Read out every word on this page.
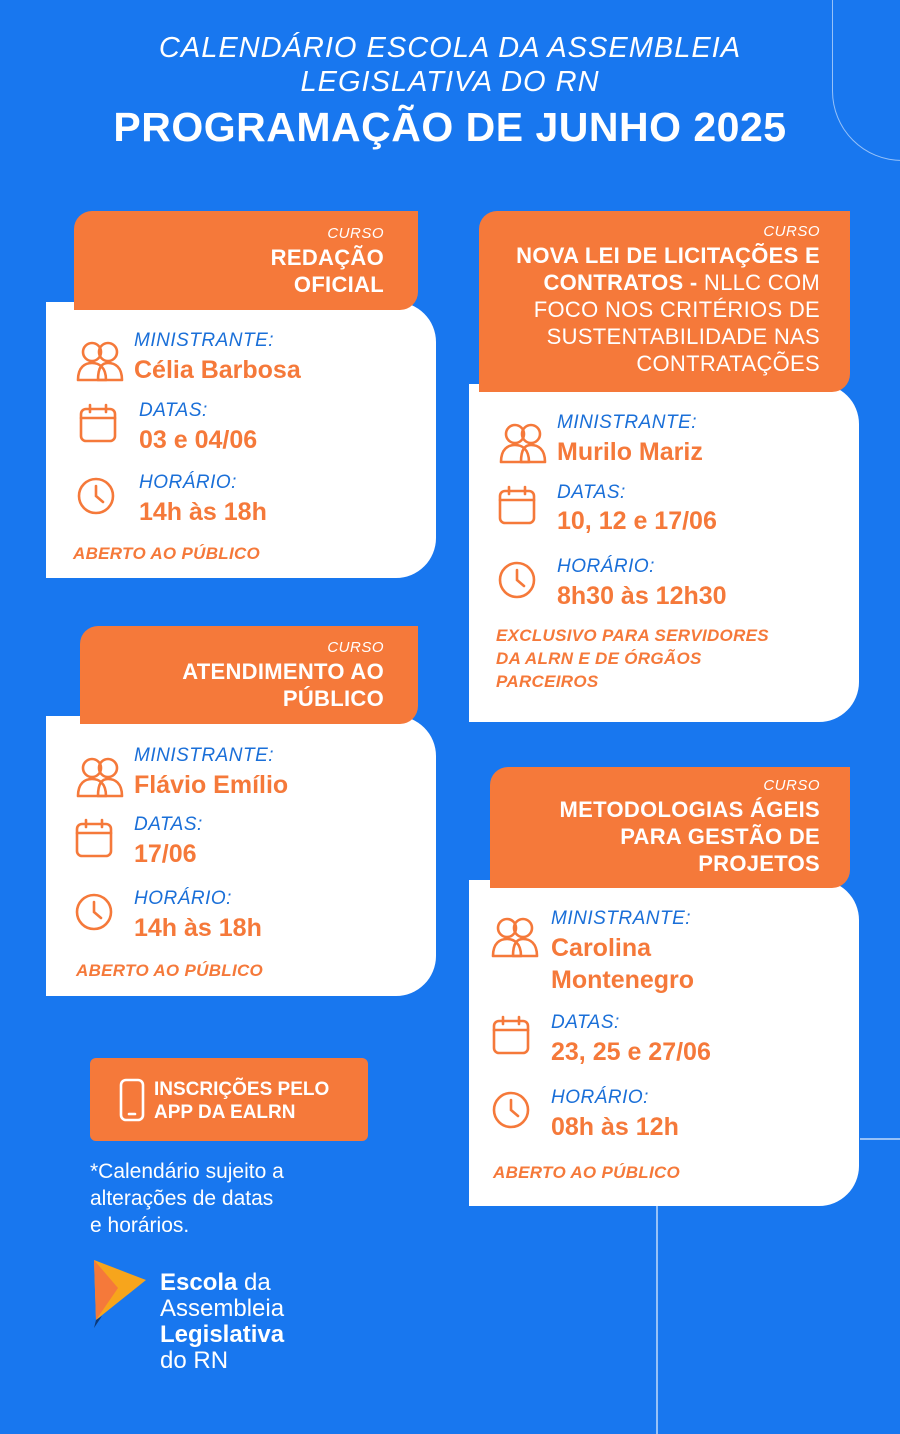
CALENDÁRIO ESCOLA DA ASSEMBLEIA
LEGISLATIVA DO RN
PROGRAMAÇÃO DE JUNHO 2025
MINISTRANTE:
Célia Barbosa
DATAS:
03 e 04/06
HORÁRIO:
14h às 18h
ABERTO AO PÚBLICO
CURSO
REDAÇÃO
OFICIAL
MINISTRANTE:
Murilo Mariz
DATAS:
10, 12 e 17/06
HORÁRIO:
8h30 às 12h30
EXCLUSIVO PARA SERVIDORES
DA ALRN E DE ÓRGÃOS
PARCEIROS
CURSO
NOVA LEI DE LICITAÇÕES E
CONTRATOS - NLLC COM
FOCO NOS CRITÉRIOS DE
SUSTENTABILIDADE NAS
CONTRATAÇÕES
MINISTRANTE:
Flávio Emílio
DATAS:
17/06
HORÁRIO:
14h às 18h
ABERTO AO PÚBLICO
CURSO
ATENDIMENTO AO
PÚBLICO
MINISTRANTE:
Carolina
Montenegro
DATAS:
23, 25 e 27/06
HORÁRIO:
08h às 12h
ABERTO AO PÚBLICO
CURSO
METODOLOGIAS ÁGEIS
PARA GESTÃO DE
PROJETOS
INSCRIÇÕES PELO
APP DA EALRN
*Calendário sujeito a
alterações de datas
e horários.
Escola da
Assembleia
Legislativa
do RN
